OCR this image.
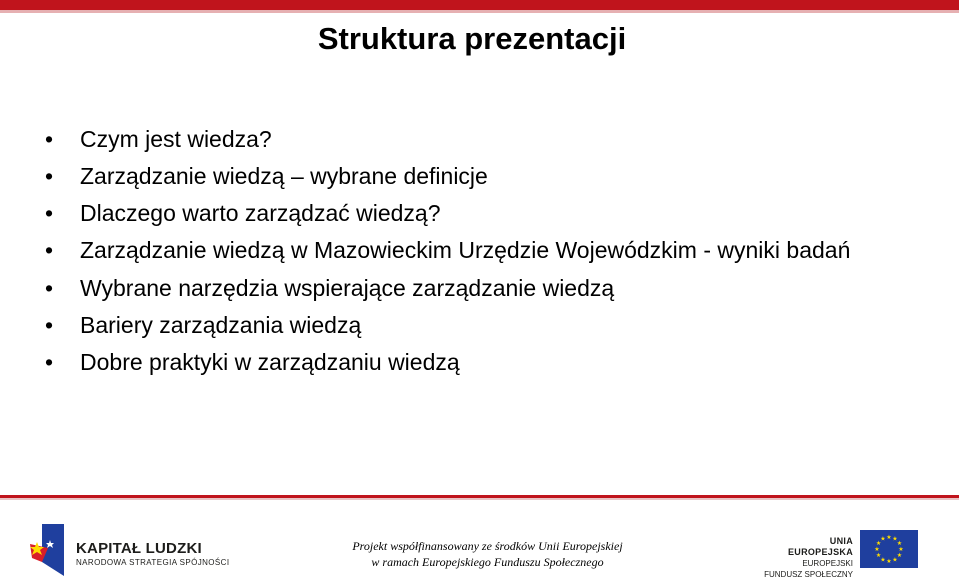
Struktura prezentacji
• Czym jest wiedza?
• Zarządzanie wiedzą – wybrane definicje
• Dlaczego warto zarządzać wiedzą?
• Zarządzanie wiedzą w Mazowieckim Urzędzie Wojewódzkim - wyniki badań
• Wybrane narzędzia wspierające zarządzanie wiedzą
• Bariery zarządzania wiedzą
• Dobre praktyki w zarządzaniu wiedzą
KAPITAŁ LUDZKI
NARODOWA STRATEGIA SPÓJNOŚCI
Projekt współfinansowany ze środków Unii Europejskiej
w ramach Europejskiego Funduszu Społecznego
UNIA EUROPEJSKA
EUROPEJSKI
FUNDUSZ SPOŁECZNY
★ ★
★
★
★
★
★
★
★
★
★
★
